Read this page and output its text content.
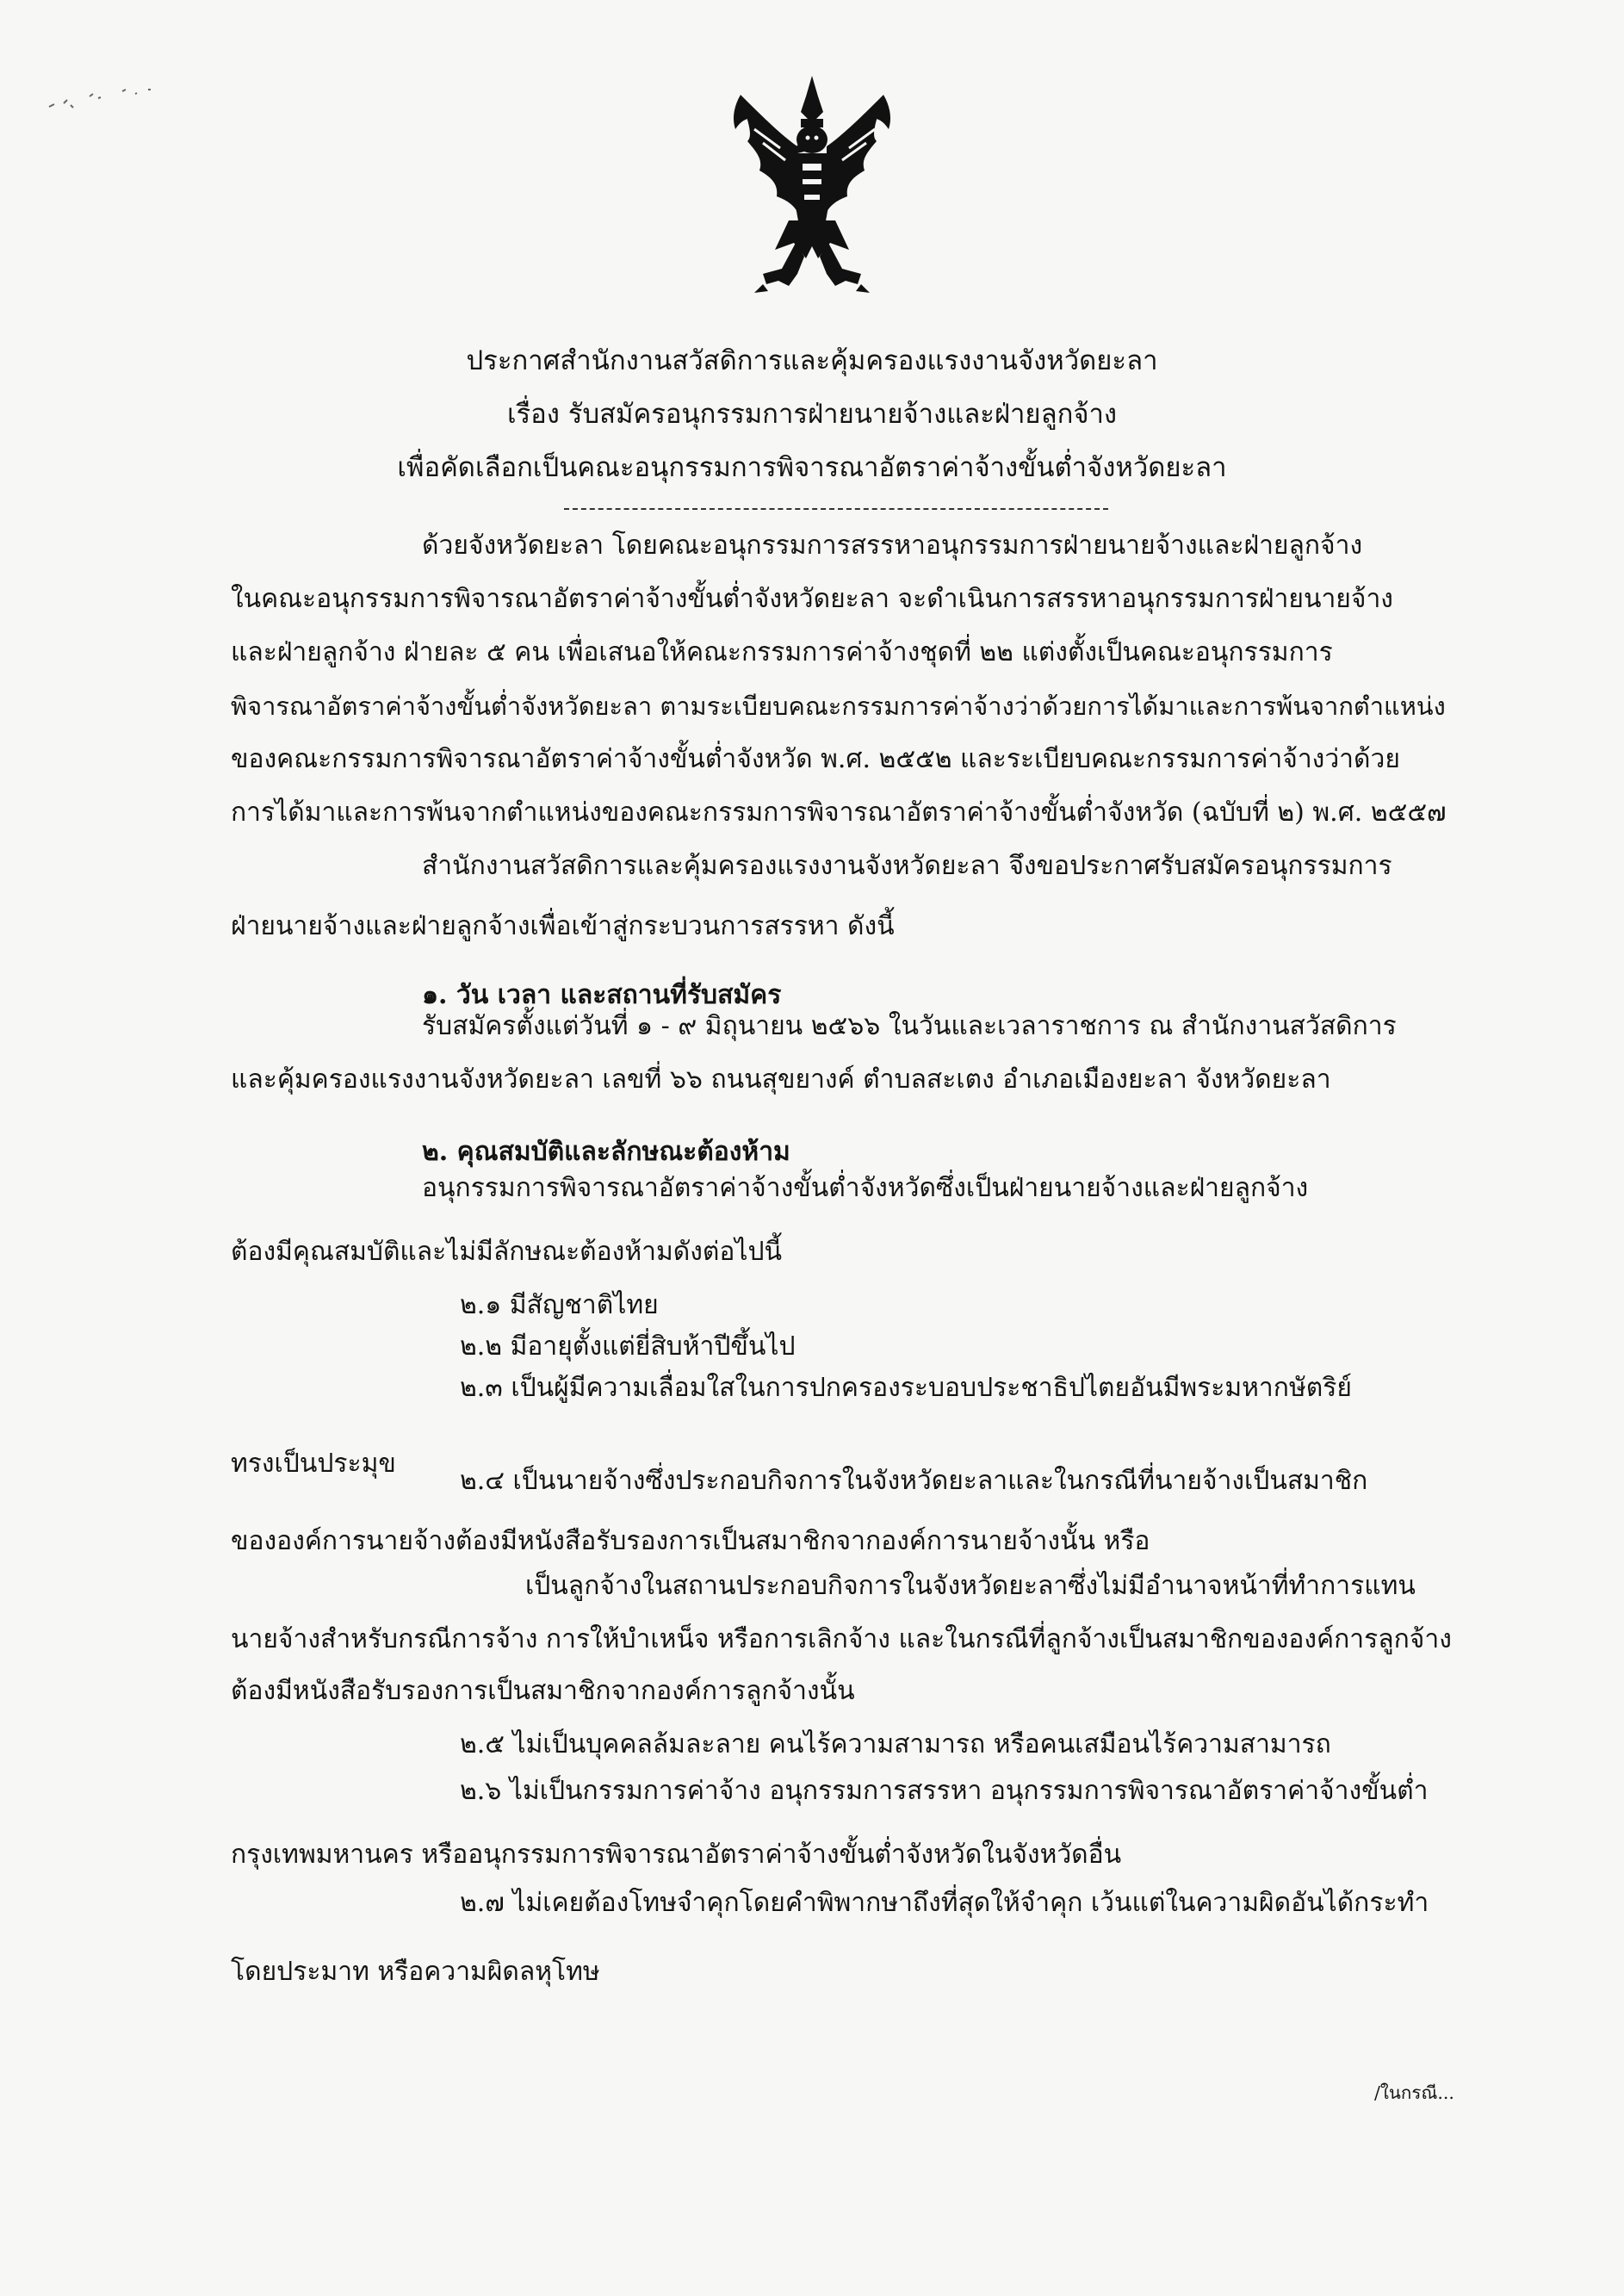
ประกาศสำนักงานสวัสดิการและคุ้มครองแรงงานจังหวัดยะลา
เรื่อง รับสมัครอนุกรรมการฝ่ายนายจ้างและฝ่ายลูกจ้าง
เพื่อคัดเลือกเป็นคณะอนุกรรมการพิจารณาอัตราค่าจ้างขั้นต่ำจังหวัดยะลา
ด้วยจังหวัดยะลา โดยคณะอนุกรรมการสรรหาอนุกรรมการฝ่ายนายจ้างและฝ่ายลูกจ้าง
ในคณะอนุกรรมการพิจารณาอัตราค่าจ้างขั้นต่ำจังหวัดยะลา จะดำเนินการสรรหาอนุกรรมการฝ่ายนายจ้าง
และฝ่ายลูกจ้าง ฝ่ายละ ๕ คน เพื่อเสนอให้คณะกรรมการค่าจ้างชุดที่ ๒๒ แต่งตั้งเป็นคณะอนุกรรมการ
พิจารณาอัตราค่าจ้างขั้นต่ำจังหวัดยะลา ตามระเบียบคณะกรรมการค่าจ้างว่าด้วยการได้มาและการพ้นจากตำแหน่ง
ของคณะกรรมการพิจารณาอัตราค่าจ้างขั้นต่ำจังหวัด พ.ศ. ๒๕๕๒ และระเบียบคณะกรรมการค่าจ้างว่าด้วย
การได้มาและการพ้นจากตำแหน่งของคณะกรรมการพิจารณาอัตราค่าจ้างขั้นต่ำจังหวัด (ฉบับที่ ๒) พ.ศ. ๒๕๕๗
สำนักงานสวัสดิการและคุ้มครองแรงงานจังหวัดยะลา จึงขอประกาศรับสมัครอนุกรรมการ
ฝ่ายนายจ้างและฝ่ายลูกจ้างเพื่อเข้าสู่กระบวนการสรรหา ดังนี้
๑. วัน เวลา และสถานที่รับสมัคร
รับสมัครตั้งแต่วันที่ ๑ - ๙ มิถุนายน ๒๕๖๖ ในวันและเวลาราชการ ณ สำนักงานสวัสดิการ
และคุ้มครองแรงงานจังหวัดยะลา เลขที่ ๖๖ ถนนสุขยางค์ ตำบลสะเตง อำเภอเมืองยะลา จังหวัดยะลา
๒. คุณสมบัติและลักษณะต้องห้าม
อนุกรรมการพิจารณาอัตราค่าจ้างขั้นต่ำจังหวัดซึ่งเป็นฝ่ายนายจ้างและฝ่ายลูกจ้าง
ต้องมีคุณสมบัติและไม่มีลักษณะต้องห้ามดังต่อไปนี้
๒.๑ มีสัญชาติไทย
๒.๒ มีอายุตั้งแต่ยี่สิบห้าปีขึ้นไป
๒.๓ เป็นผู้มีความเลื่อมใสในการปกครองระบอบประชาธิปไตยอันมีพระมหากษัตริย์
ทรงเป็นประมุข
๒.๔ เป็นนายจ้างซึ่งประกอบกิจการในจังหวัดยะลาและในกรณีที่นายจ้างเป็นสมาชิก
ขององค์การนายจ้างต้องมีหนังสือรับรองการเป็นสมาชิกจากองค์การนายจ้างนั้น หรือ
เป็นลูกจ้างในสถานประกอบกิจการในจังหวัดยะลาซึ่งไม่มีอำนาจหน้าที่ทำการแทน
นายจ้างสำหรับกรณีการจ้าง การให้บำเหน็จ หรือการเลิกจ้าง และในกรณีที่ลูกจ้างเป็นสมาชิกขององค์การลูกจ้าง
ต้องมีหนังสือรับรองการเป็นสมาชิกจากองค์การลูกจ้างนั้น
๒.๕ ไม่เป็นบุคคลล้มละลาย คนไร้ความสามารถ หรือคนเสมือนไร้ความสามารถ
๒.๖ ไม่เป็นกรรมการค่าจ้าง อนุกรรมการสรรหา อนุกรรมการพิจารณาอัตราค่าจ้างขั้นต่ำ
กรุงเทพมหานคร หรืออนุกรรมการพิจารณาอัตราค่าจ้างขั้นต่ำจังหวัดในจังหวัดอื่น
๒.๗ ไม่เคยต้องโทษจำคุกโดยคำพิพากษาถึงที่สุดให้จำคุก เว้นแต่ในความผิดอันได้กระทำ
โดยประมาท หรือความผิดลหุโทษ
/ในกรณี...
